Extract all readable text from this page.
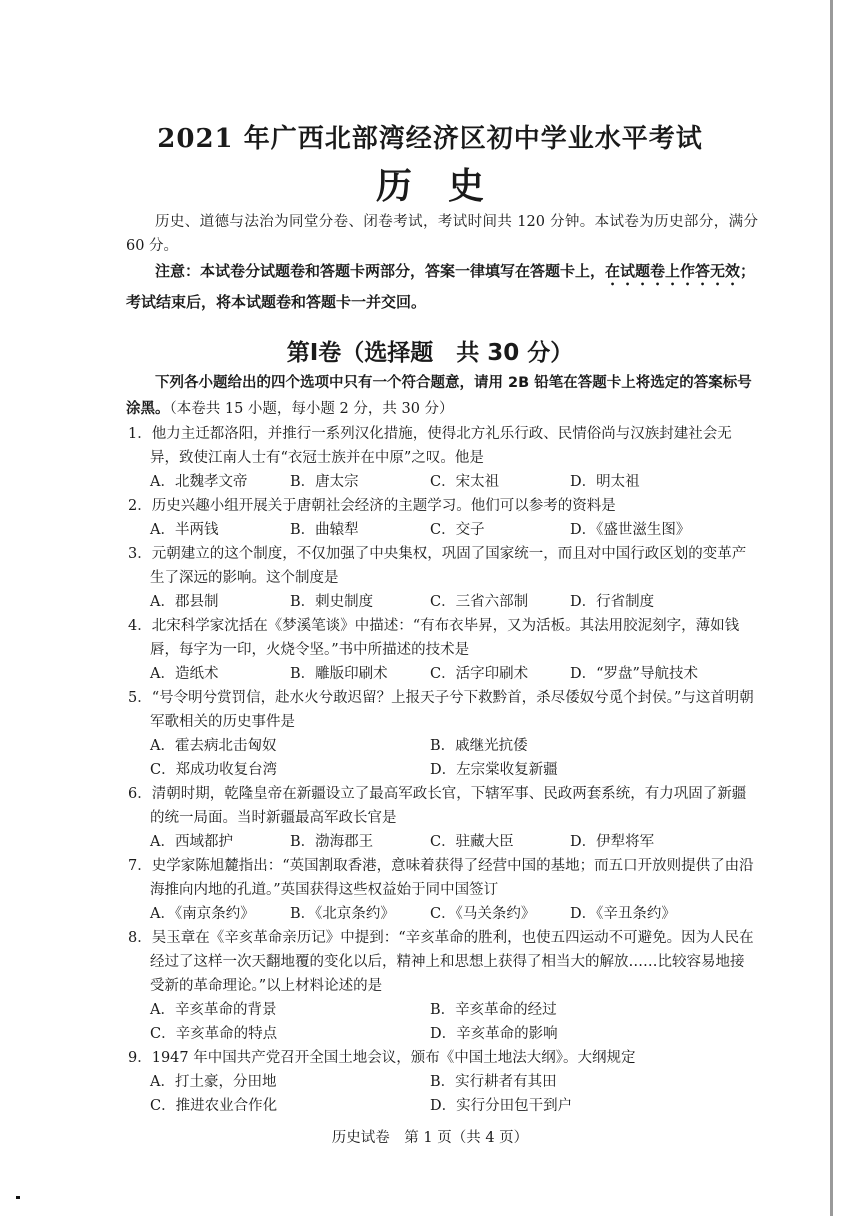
2021 年广西北部湾经济区初中学业水平考试
历史
历史、道德与法治为同堂分卷、闭卷考试，考试时间共 120 分钟。本试卷为历史部分，满分 60 分。
注意：本试卷分试题卷和答题卡两部分，答案一律填写在答题卡上，在试题卷上作答无效；考试结束后，将本试题卷和答题卡一并交回。
第Ⅰ卷（选择题　共 30 分）
下列各小题给出的四个选项中只有一个符合题意，请用 2B 铅笔在答题卡上将选定的答案标号涂黑。（本卷共 15 小题，每小题 2 分，共 30 分）
1．他力主迁都洛阳，并推行一系列汉化措施，使得北方礼乐行政、民情俗尚与汉族封建社会无异，致使江南人士有“衣冠士族并在中原”之叹。他是
A．北魏孝文帝	B．唐太宗	C．宋太祖	D．明太祖
2．历史兴趣小组开展关于唐朝社会经济的主题学习。他们可以参考的资料是
A．半两钱	B．曲辕犁	C．交子	D．《盛世滋生图》
3．元朝建立的这个制度，不仅加强了中央集权，巩固了国家统一，而且对中国行政区划的变革产生了深远的影响。这个制度是
A．郡县制	B．刺史制度	C．三省六部制	D．行省制度
4．北宋科学家沈括在《梦溪笔谈》中描述：“有布衣毕昇，又为活板。其法用胶泥刻字，薄如钱唇，每字为一印，火烧令坚。”书中所描述的技术是
A．造纸术	B．雕版印刷术	C．活字印刷术	D．“罗盘”导航技术
5．“号令明兮赏罚信，赴水火兮敢迟留？上报天子兮下救黔首，杀尽倭奴兮觅个封侯。”与这首明朝军歌相关的历史事件是
A．霍去病北击匈奴	B．戚继光抗倭
C．郑成功收复台湾	D．左宗棠收复新疆
6．清朝时期，乾隆皇帝在新疆设立了最高军政长官，下辖军事、民政两套系统，有力巩固了新疆的统一局面。当时新疆最高军政长官是
A．西域都护	B．渤海郡王	C．驻藏大臣	D．伊犁将军
7．史学家陈旭麓指出：“英国割取香港，意味着获得了经营中国的基地；而五口开放则提供了由沿海推向内地的孔道。”英国获得这些权益始于同中国签订
A．《南京条约》	B．《北京条约》	C．《马关条约》	D．《辛丑条约》
8．吴玉章在《辛亥革命亲历记》中提到：“辛亥革命的胜利，也使五四运动不可避免。因为人民在经过了这样一次天翻地覆的变化以后，精神上和思想上获得了相当大的解放……比较容易地接受新的革命理论。”以上材料论述的是
A．辛亥革命的背景	B．辛亥革命的经过
C．辛亥革命的特点	D．辛亥革命的影响
9．1947 年中国共产党召开全国土地会议，颁布《中国土地法大纲》。大纲规定
A．打土豪，分田地	B．实行耕者有其田
C．推进农业合作化	D．实行分田包干到户
历史试卷　第 1 页（共 4 页）
